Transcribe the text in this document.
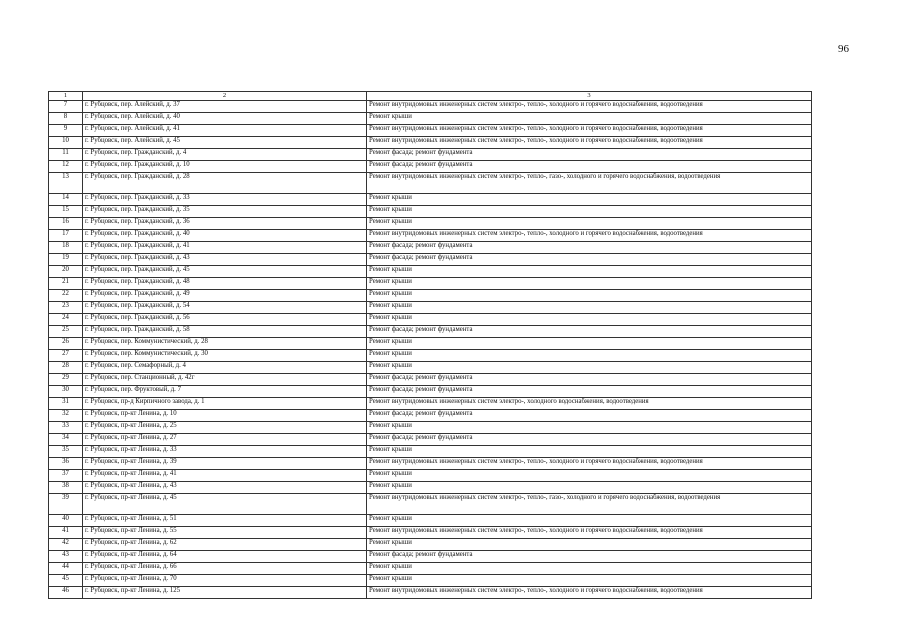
96
1	2	3
7	г. Рубцовск, пер. Алейский, д. 37	Ремонт внутридомовых инженерных систем электро-, тепло-, холодного и горячего водоснабжения, водоотведения
8	г. Рубцовск, пер. Алейский, д. 40	Ремонт крыши
9	г. Рубцовск, пер. Алейский, д. 41	Ремонт внутридомовых инженерных систем электро-, тепло-, холодного и горячего водоснабжения, водоотведения
10	г. Рубцовск, пер. Алейский, д. 45	Ремонт внутридомовых инженерных систем электро-, тепло-, холодного и горячего водоснабжения, водоотведения
11	г. Рубцовск, пер. Гражданский, д. 4	Ремонт фасада; ремонт фундамента
12	г. Рубцовск, пер. Гражданский, д. 10	Ремонт фасада; ремонт фундамента
13	г. Рубцовск, пер. Гражданский, д. 28	Ремонт внутридомовых инженерных систем электро-, тепло-, газо-, холодного и горячего водоснабжения, водоотведения
14	г. Рубцовск, пер. Гражданский, д. 33	Ремонт крыши
15	г. Рубцовск, пер. Гражданский, д. 35	Ремонт крыши
16	г. Рубцовск, пер. Гражданский, д. 36	Ремонт крыши
17	г. Рубцовск, пер. Гражданский, д. 40	Ремонт внутридомовых инженерных систем электро-, тепло-, холодного и горячего водоснабжения, водоотведения
18	г. Рубцовск, пер. Гражданский, д. 41	Ремонт фасада; ремонт фундамента
19	г. Рубцовск, пер. Гражданский, д. 43	Ремонт фасада; ремонт фундамента
20	г. Рубцовск, пер. Гражданский, д. 45	Ремонт крыши
21	г. Рубцовск, пер. Гражданский, д. 48	Ремонт крыши
22	г. Рубцовск, пер. Гражданский, д. 49	Ремонт крыши
23	г. Рубцовск, пер. Гражданский, д. 54	Ремонт крыши
24	г. Рубцовск, пер. Гражданский, д. 56	Ремонт крыши
25	г. Рубцовск, пер. Гражданский, д. 58	Ремонт фасада; ремонт фундамента
26	г. Рубцовск, пер. Коммунистический, д. 28	Ремонт крыши
27	г. Рубцовск, пер. Коммунистический, д. 30	Ремонт крыши
28	г. Рубцовск, пер. Семафорный, д. 4	Ремонт крыши
29	г. Рубцовск, пер. Станционный, д. 42г	Ремонт фасада; ремонт фундамента
30	г. Рубцовск, пер. Фруктовый, д. 7	Ремонт фасада; ремонт фундамента
31	г. Рубцовск, пр-д Кирпичного завода, д. 1	Ремонт внутридомовых инженерных систем электро-, холодного водоснабжения, водоотведения
32	г. Рубцовск, пр-кт Ленина, д. 10	Ремонт фасада; ремонт фундамента
33	г. Рубцовск, пр-кт Ленина, д. 25	Ремонт крыши
34	г. Рубцовск, пр-кт Ленина, д. 27	Ремонт фасада; ремонт фундамента
35	г. Рубцовск, пр-кт Ленина, д. 33	Ремонт крыши
36	г. Рубцовск, пр-кт Ленина, д. 39	Ремонт внутридомовых инженерных систем электро-, тепло-, холодного и горячего водоснабжения, водоотведения
37	г. Рубцовск, пр-кт Ленина, д. 41	Ремонт крыши
38	г. Рубцовск, пр-кт Ленина, д. 43	Ремонт крыши
39	г. Рубцовск, пр-кт Ленина, д. 45	Ремонт внутридомовых инженерных систем электро-, тепло-, газо-, холодного и горячего водоснабжения, водоотведения
40	г. Рубцовск, пр-кт Ленина, д. 51	Ремонт крыши
41	г. Рубцовск, пр-кт Ленина, д. 55	Ремонт внутридомовых инженерных систем электро-, тепло-, холодного и горячего водоснабжения, водоотведения
42	г. Рубцовск, пр-кт Ленина, д. 62	Ремонт крыши
43	г. Рубцовск, пр-кт Ленина, д. 64	Ремонт фасада; ремонт фундамента
44	г. Рубцовск, пр-кт Ленина, д. 66	Ремонт крыши
45	г. Рубцовск, пр-кт Ленина, д. 70	Ремонт крыши
46	г. Рубцовск, пр-кт Ленина, д. 125	Ремонт внутридомовых инженерных систем электро-, тепло-, холодного и горячего водоснабжения, водоотведения
